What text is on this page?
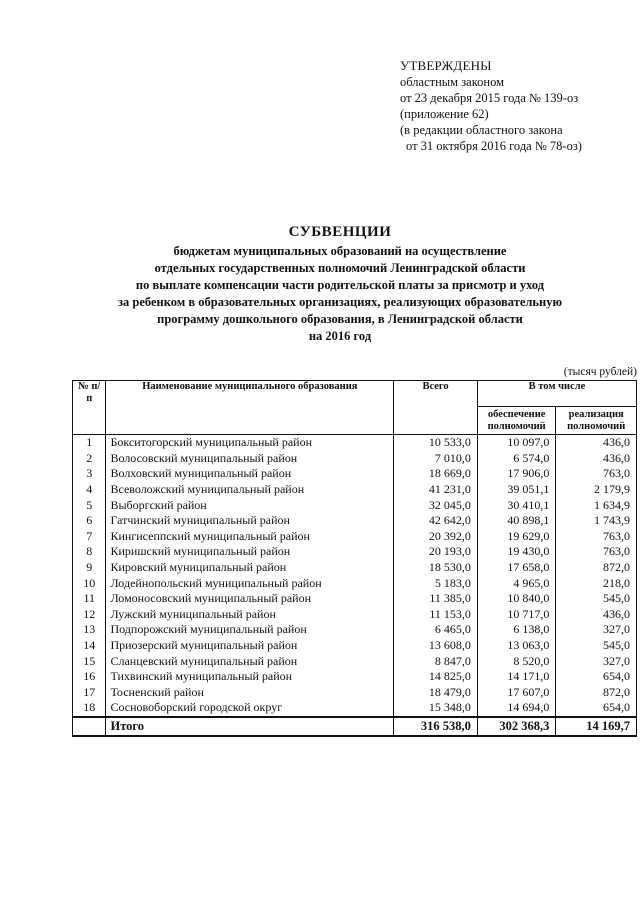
УТВЕРЖДЕНЫ
областным законом
от 23 декабря 2015 года № 139-оз
(приложение 62)
(в редакции областного закона
от 31 октября 2016 года № 78-оз)
СУБВЕНЦИИ
бюджетам муниципальных образований на осуществление
отдельных государственных полномочий Ленинградской области
по выплате компенсации части родительской платы за присмотр и уход
за ребенком в образовательных организациях, реализующих образовательную
программу дошкольного образования, в Ленинградской области
на 2016 год
(тысяч рублей)
№ п/п	Наименование муниципального образования	Всего	В том числе	
			обеспечение полномочий	реализация полномочий
1	Бокситогорский муниципальный район	10 533,0	10 097,0	436,0
2	Волосовский муниципальный район	7 010,0	6 574,0	436,0
3	Волховский муниципальный район	18 669,0	17 906,0	763,0
4	Всеволожский муниципальный район	41 231,0	39 051,1	2 179,9
5	Выборгский район	32 045,0	30 410,1	1 634,9
6	Гатчинский муниципальный район	42 642,0	40 898,1	1 743,9
7	Кингисеппский муниципальный район	20 392,0	19 629,0	763,0
8	Киришский муниципальный район	20 193,0	19 430,0	763,0
9	Кировский муниципальный район	18 530,0	17 658,0	872,0
10	Лодейнопольский муниципальный район	5 183,0	4 965,0	218,0
11	Ломоносовский муниципальный район	11 385,0	10 840,0	545,0
12	Лужский муниципальный район	11 153,0	10 717,0	436,0
13	Подпорожский муниципальный район	6 465,0	6 138,0	327,0
14	Приозерский муниципальный район	13 608,0	13 063,0	545,0
15	Сланцевский муниципальный район	8 847,0	8 520,0	327,0
16	Тихвинский муниципальный район	14 825,0	14 171,0	654,0
17	Тосненский район	18 479,0	17 607,0	872,0
18	Сосновоборский городской округ	15 348,0	14 694,0	654,0
	Итого	316 538,0	302 368,3	14 169,7
